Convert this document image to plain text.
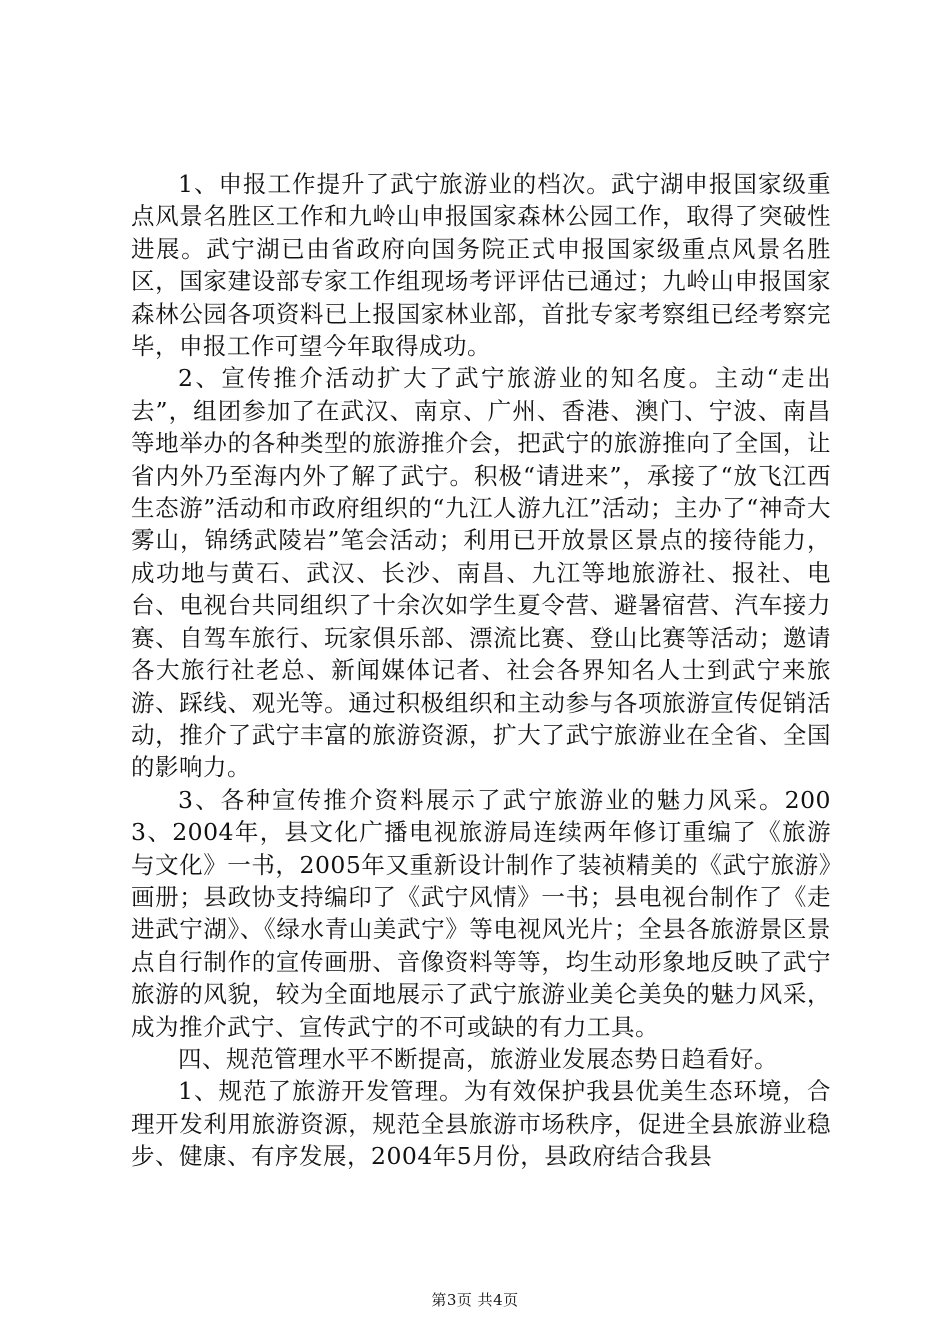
1、申报工作提升了武宁旅游业的档次。武宁湖申报国家级重点风景名胜区工作和九岭山申报国家森林公园工作，取得了突破性进展。武宁湖已由省政府向国务院正式申报国家级重点风景名胜区，国家建设部专家工作组现场考评评估已通过；九岭山申报国家森林公园各项资料已上报国家林业部，首批专家考察组已经考察完毕，申报工作可望今年取得成功。

2、宣传推介活动扩大了武宁旅游业的知名度。主动“走出去”，组团参加了在武汉、南京、广州、香港、澳门、宁波、南昌等地举办的各种类型的旅游推介会，把武宁的旅游推向了全国，让省内外乃至海内外了解了武宁。积极“请进来”，承接了“放飞江西生态游”活动和市政府组织的“九江人游九江”活动；主办了“神奇大雾山，锦绣武陵岩”笔会活动；利用已开放景区景点的接待能力，成功地与黄石、武汉、长沙、南昌、九江等地旅游社、报社、电台、电视台共同组织了十余次如学生夏令营、避暑宿营、汽车接力赛、自驾车旅行、玩家俱乐部、漂流比赛、登山比赛等活动；邀请各大旅行社老总、新闻媒体记者、社会各界知名人士到武宁来旅游、踩线、观光等。通过积极组织和主动参与各项旅游宣传促销活动，推介了武宁丰富的旅游资源，扩大了武宁旅游业在全省、全国的影响力。

3、各种宣传推介资料展示了武宁旅游业的魅力风采。2003、2004年，县文化广播电视旅游局连续两年修订重编了《旅游与文化》一书，2005年又重新设计制作了装祯精美的《武宁旅游》画册；县政协支持编印了《武宁风情》一书；县电视台制作了《走进武宁湖》、《绿水青山美武宁》等电视风光片；全县各旅游景区景点自行制作的宣传画册、音像资料等等，均生动形象地反映了武宁旅游的风貌，较为全面地展示了武宁旅游业美仑美奂的魅力风采，成为推介武宁、宣传武宁的不可或缺的有力工具。

四、规范管理水平不断提高，旅游业发展态势日趋看好。

1、规范了旅游开发管理。为有效保护我县优美生态环境，合理开发利用旅游资源，规范全县旅游市场秩序，促进全县旅游业稳步、健康、有序发展，2004年5月份，县政府结合我县

第3页 共4页
